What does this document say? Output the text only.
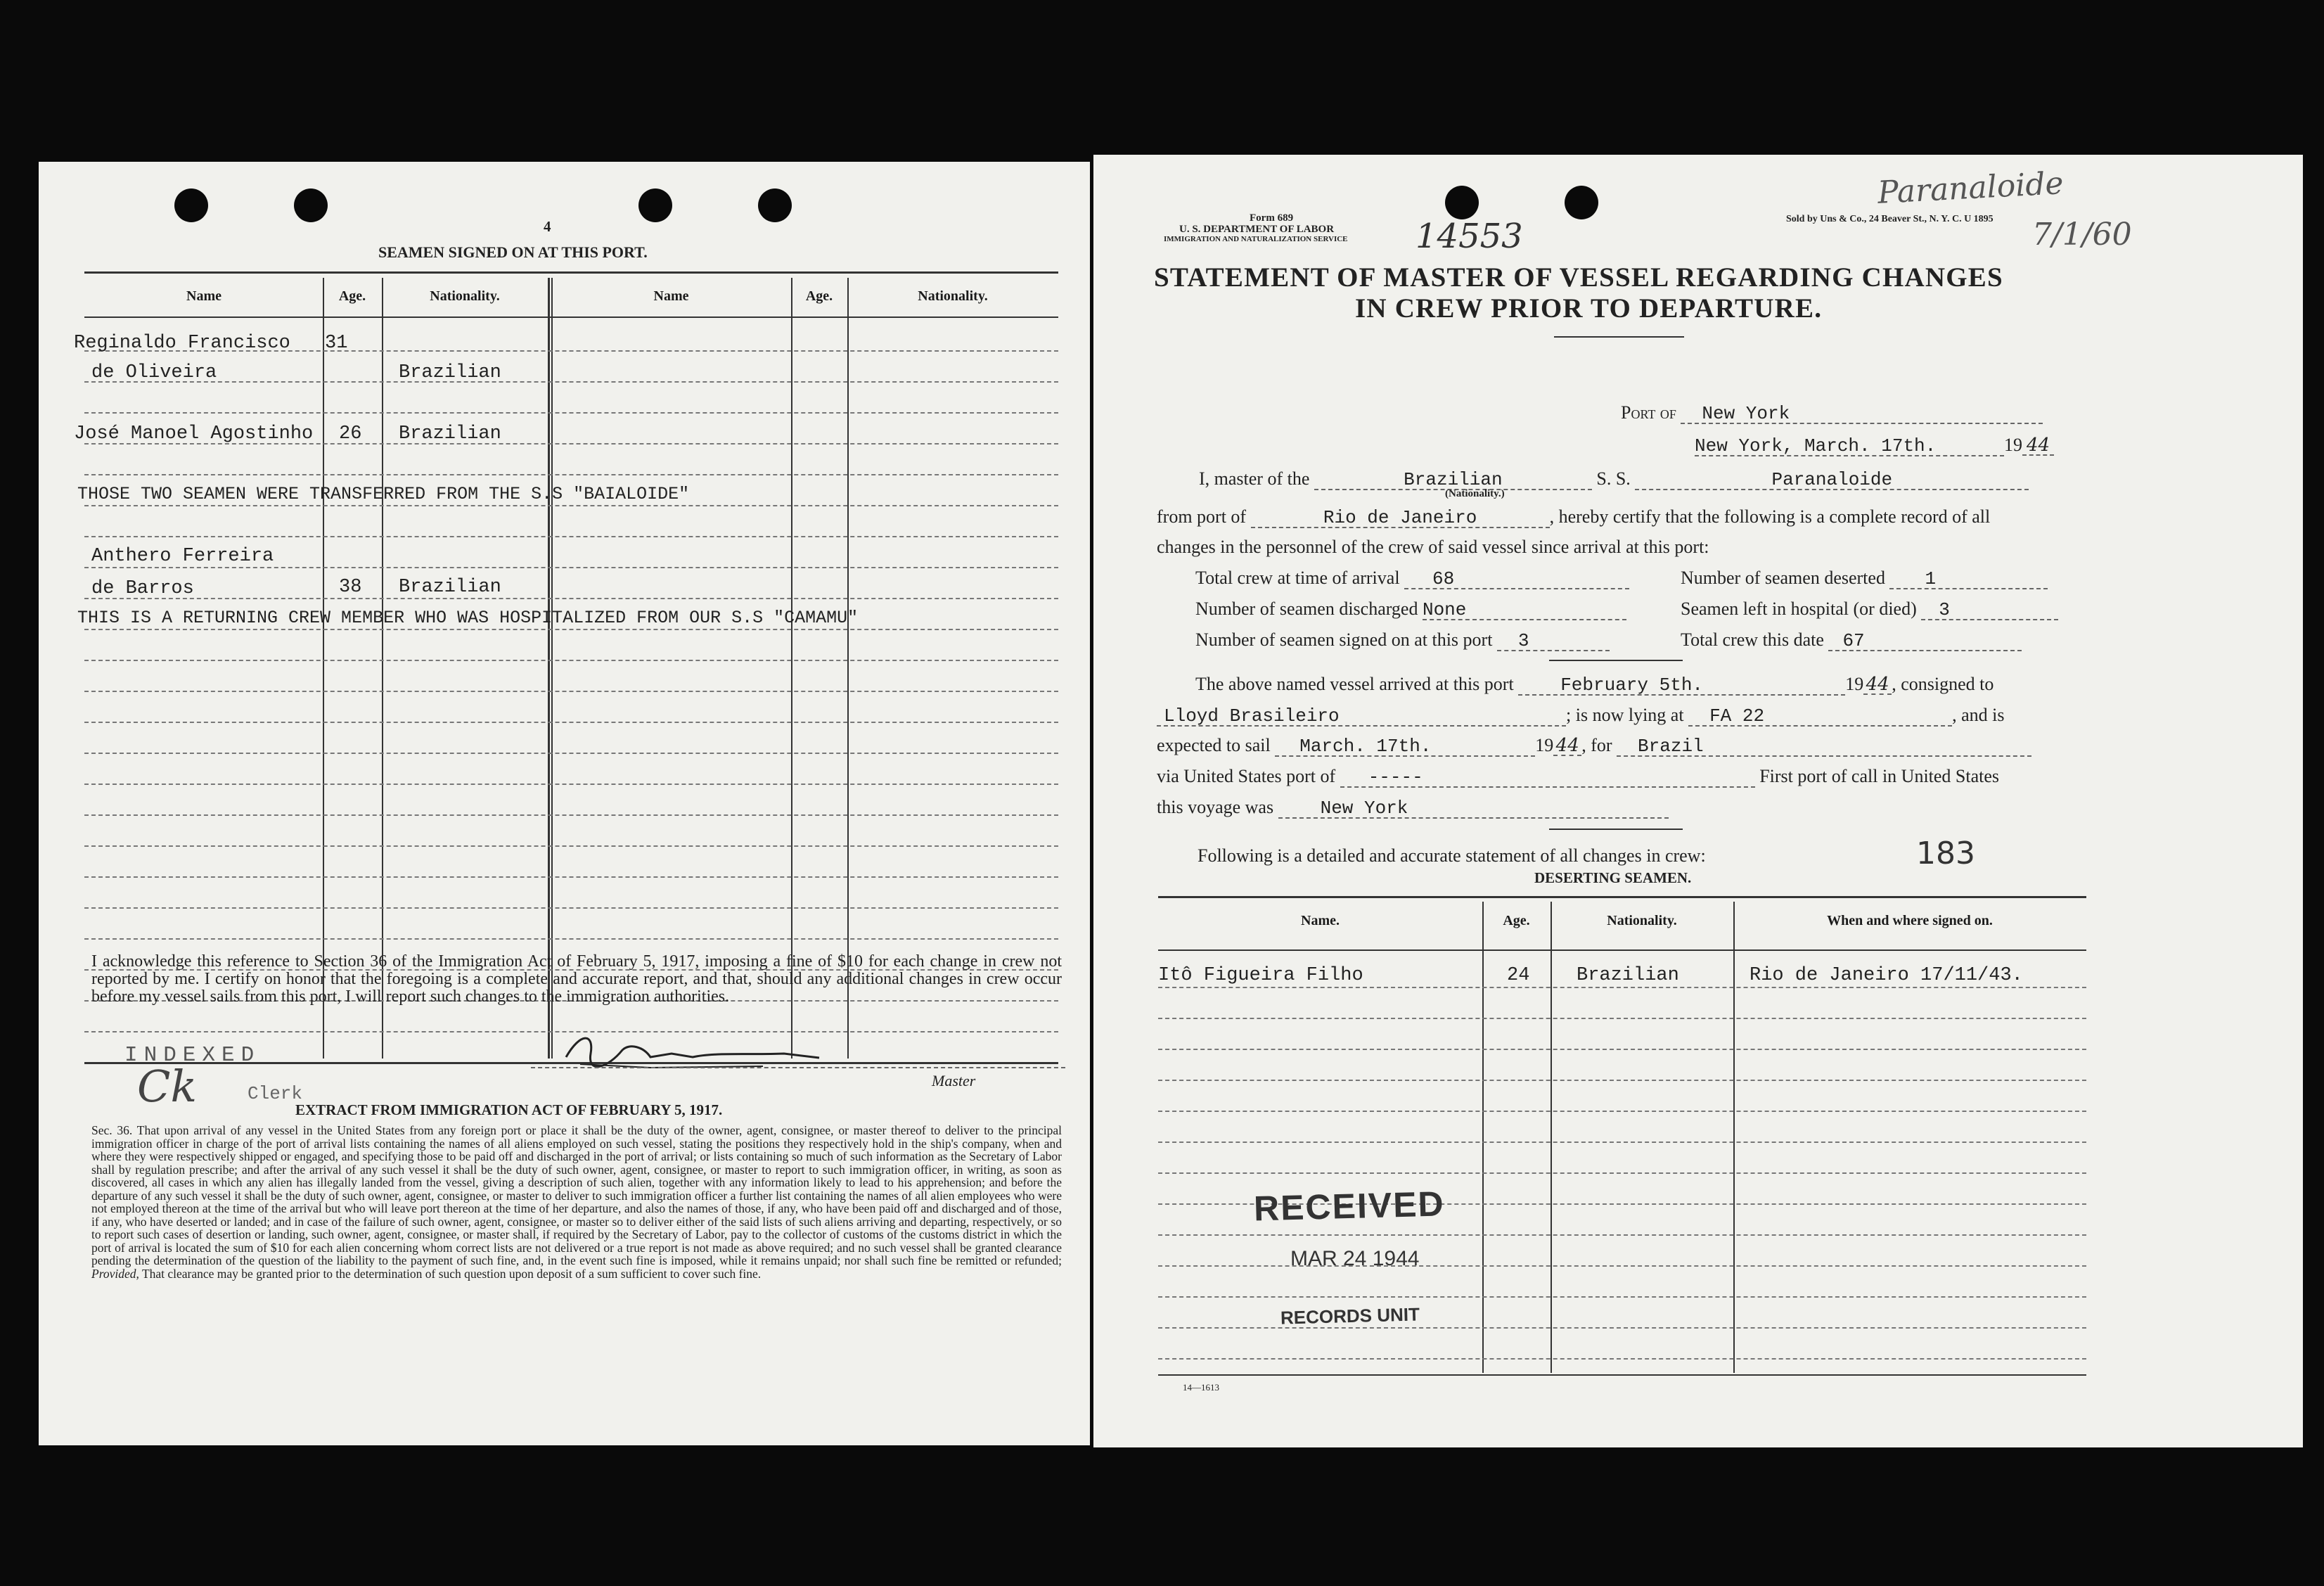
4
SEAMEN SIGNED ON AT THIS PORT.
Name	Age.	Nationality.	Name	Age.	Nationality.
Reginaldo Francisco 31
de Oliveira	Brazilian
José Manoel Agostinho 26 Brazilian
THOSE TWO SEAMEN WERE TRANSFERRED FROM THE S.S "BAIALOIDE"
Anthero Ferreira
de Barros	38 Brazilian
THIS IS A RETURNING CREW MEMBER WHO WAS HOSPITALIZED FROM OUR S.S "CAMAMU"
I acknowledge this reference to Section 36 of the Immigration Act of February 5, 1917, imposing a fine of $10 for each change in crew not reported by me. I certify on honor that the foregoing is a complete and accurate report, and that, should any additional changes in crew occur before my vessel sails from this port, I will report such changes to the immigration authorities.
Master
INDEXED
Ck	Clerk
EXTRACT FROM IMMIGRATION ACT OF FEBRUARY 5, 1917.
Sec. 36. That upon arrival of any vessel in the United States from any foreign port or place it shall be the duty of the owner, agent, consignee, or master thereof to deliver to the principal immigration officer in charge of the port of arrival lists containing the names of all aliens employed on such vessel, stating the positions they respectively hold in the ship's company, when and where they were respectively shipped or engaged, and specifying those to be paid off and discharged in the port of arrival; or lists containing so much of such information as the Secretary of Labor shall by regulation prescribe; and after the arrival of any such vessel it shall be the duty of such owner, agent, consignee, or master to report to such immigration officer, in writing, as soon as discovered, all cases in which any alien has illegally landed from the vessel, giving a description of such alien, together with any information likely to lead to his apprehension; and before the departure of any such vessel it shall be the duty of such owner, agent, consignee, or master to deliver to such immigration officer a further list containing the names of all alien employees who were not employed thereon at the time of the arrival but who will leave port thereon at the time of her departure, and also the names of those, if any, who have been paid off and discharged and of those, if any, who have deserted or landed; and in case of the failure of such owner, agent, consignee, or master so to deliver either of the said lists of such aliens arriving and departing, respectively, or so to report such cases of desertion or landing, such owner, agent, consignee, or master shall, if required by the Secretary of Labor, pay to the collector of customs of the customs district in which the port of arrival is located the sum of $10 for each alien concerning whom correct lists are not delivered or a true report is not made as above required; and no such vessel shall be granted clearance pending the determination of the question of the liability to the payment of such fine, and, in the event such fine is imposed, while it remains unpaid; nor shall such fine be remitted or refunded; Provided, That clearance may be granted prior to the determination of such question upon deposit of a sum sufficient to cover such fine.
Form 689
U. S. DEPARTMENT OF LABOR
IMMIGRATION AND NATURALIZATION SERVICE
Sold by Uns & Co., 24 Beaver St., N. Y. C. U 1895
14553
Paranaloide
7/1/60
STATEMENT OF MASTER OF VESSEL REGARDING CHANGES
IN CREW PRIOR TO DEPARTURE.
Port of New York
New York, March. 17th.	19 44
I, master of the	Brazilian	S. S.	Paranaloide
(Nationality.)
from port of	Rio de Janeiro	, hereby certify that the following is a complete record of all
changes in the personnel of the crew of said vessel since arrival at this port:
Total crew at time of arrival 68	Number of seamen deserted 1
Number of seamen discharged None	Seamen left in hospital (or died) 3
Number of seamen signed on at this port 3	Total crew this date 67
The above named vessel arrived at this port	February 5th.	19 44 , consigned to
Lloyd Brasileiro	; is now lying at FA 22	, and is
expected to sail March. 17th.	19 44 , for Brazil
via United States port of -----	First port of call in United States
this voyage was	New York
Following is a detailed and accurate statement of all changes in crew:	183
DESERTING SEAMEN.
Name.	Age.	Nationality.	When and where signed on.
Itô Figueira Filho	24 Brazilian	Rio de Janeiro 17/11/43.
RECEIVED
MAR 24 1944
RECORDS UNIT
14—1613
